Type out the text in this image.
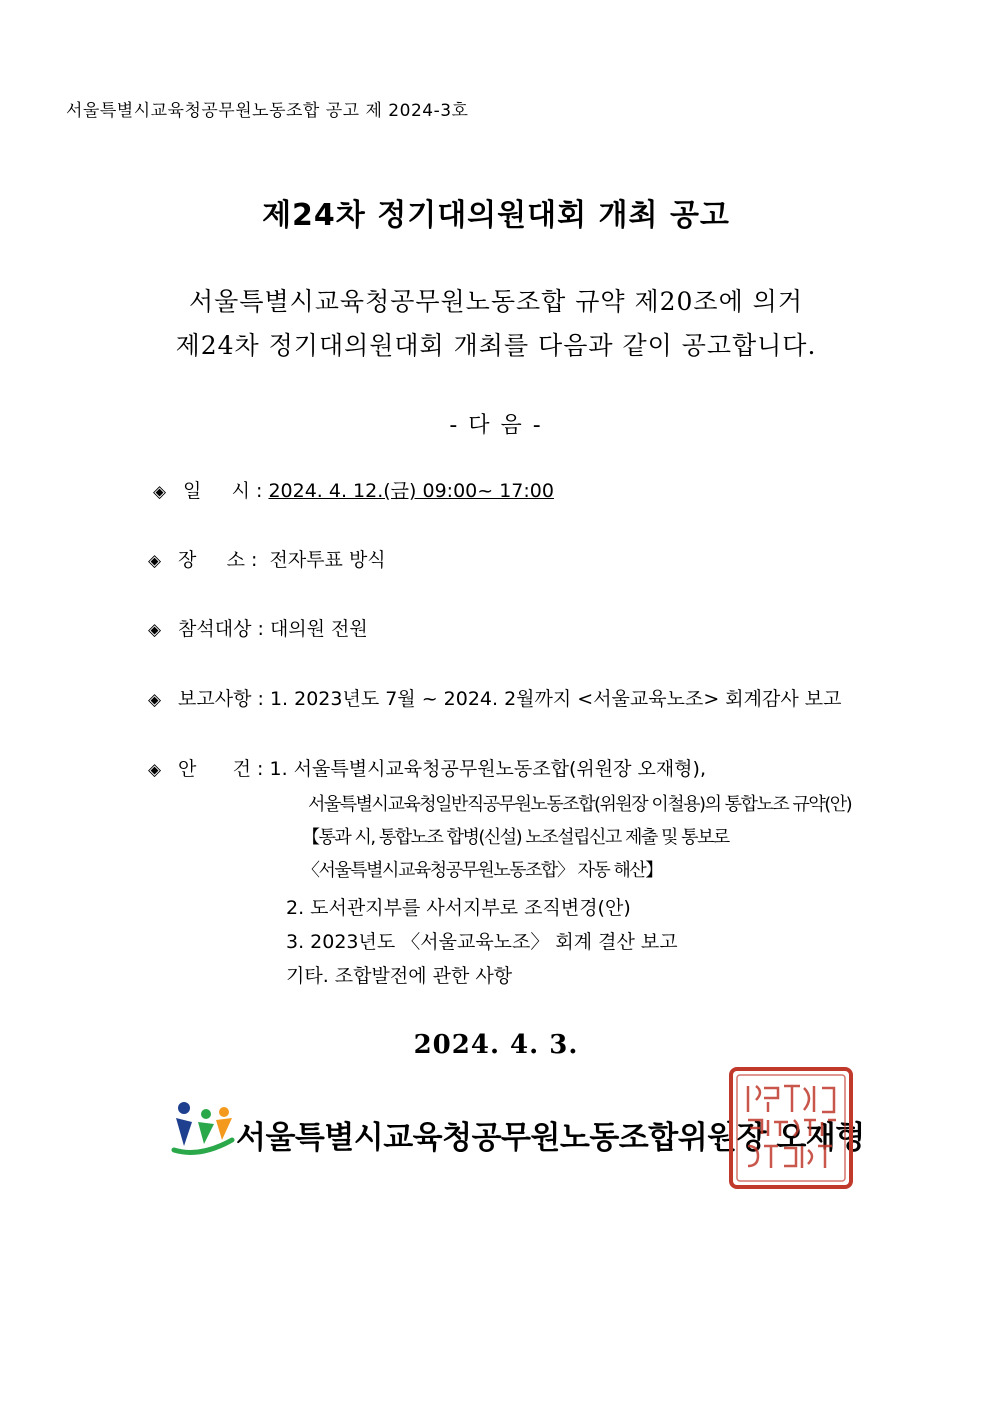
서울특별시교육청공무원노동조합 공고 제 2024-3호
제24차 정기대의원대회 개최 공고
서울특별시교육청공무원노동조합 규약 제20조에 의거
제24차 정기대의원대회 개최를 다음과 같이 공고합니다.
- 다 음 -
◈ 일     시 : 2024. 4. 12.(금) 09:00~ 17:00
◈ 장     소 : 전자투표 방식
◈ 참석대상 : 대의원 전원
◈ 보고사항 : 1. 2023년도 7월 ~ 2024. 2월까지 <서울교육노조> 회계감사 보고
◈ 안      건 : 1. 서울특별시교육청공무원노동조합(위원장 오재형),
서울특별시교육청일반직공무원노동조합(위원장 이철용)의 통합노조 규약(안)
【통과 시, 통합노조 합병(신설) 노조설립신고 제출 및 통보로
〈서울특별시교육청공무원노동조합〉 자동 해산】
2. 도서관지부를 사서지부로 조직변경(안)
3. 2023년도 〈서울교육노조〉 회계 결산 보고
기타. 조합발전에 관한 사항
2024. 4. 3.
서울특별시교육청공무원노동조합위원장 오재형
